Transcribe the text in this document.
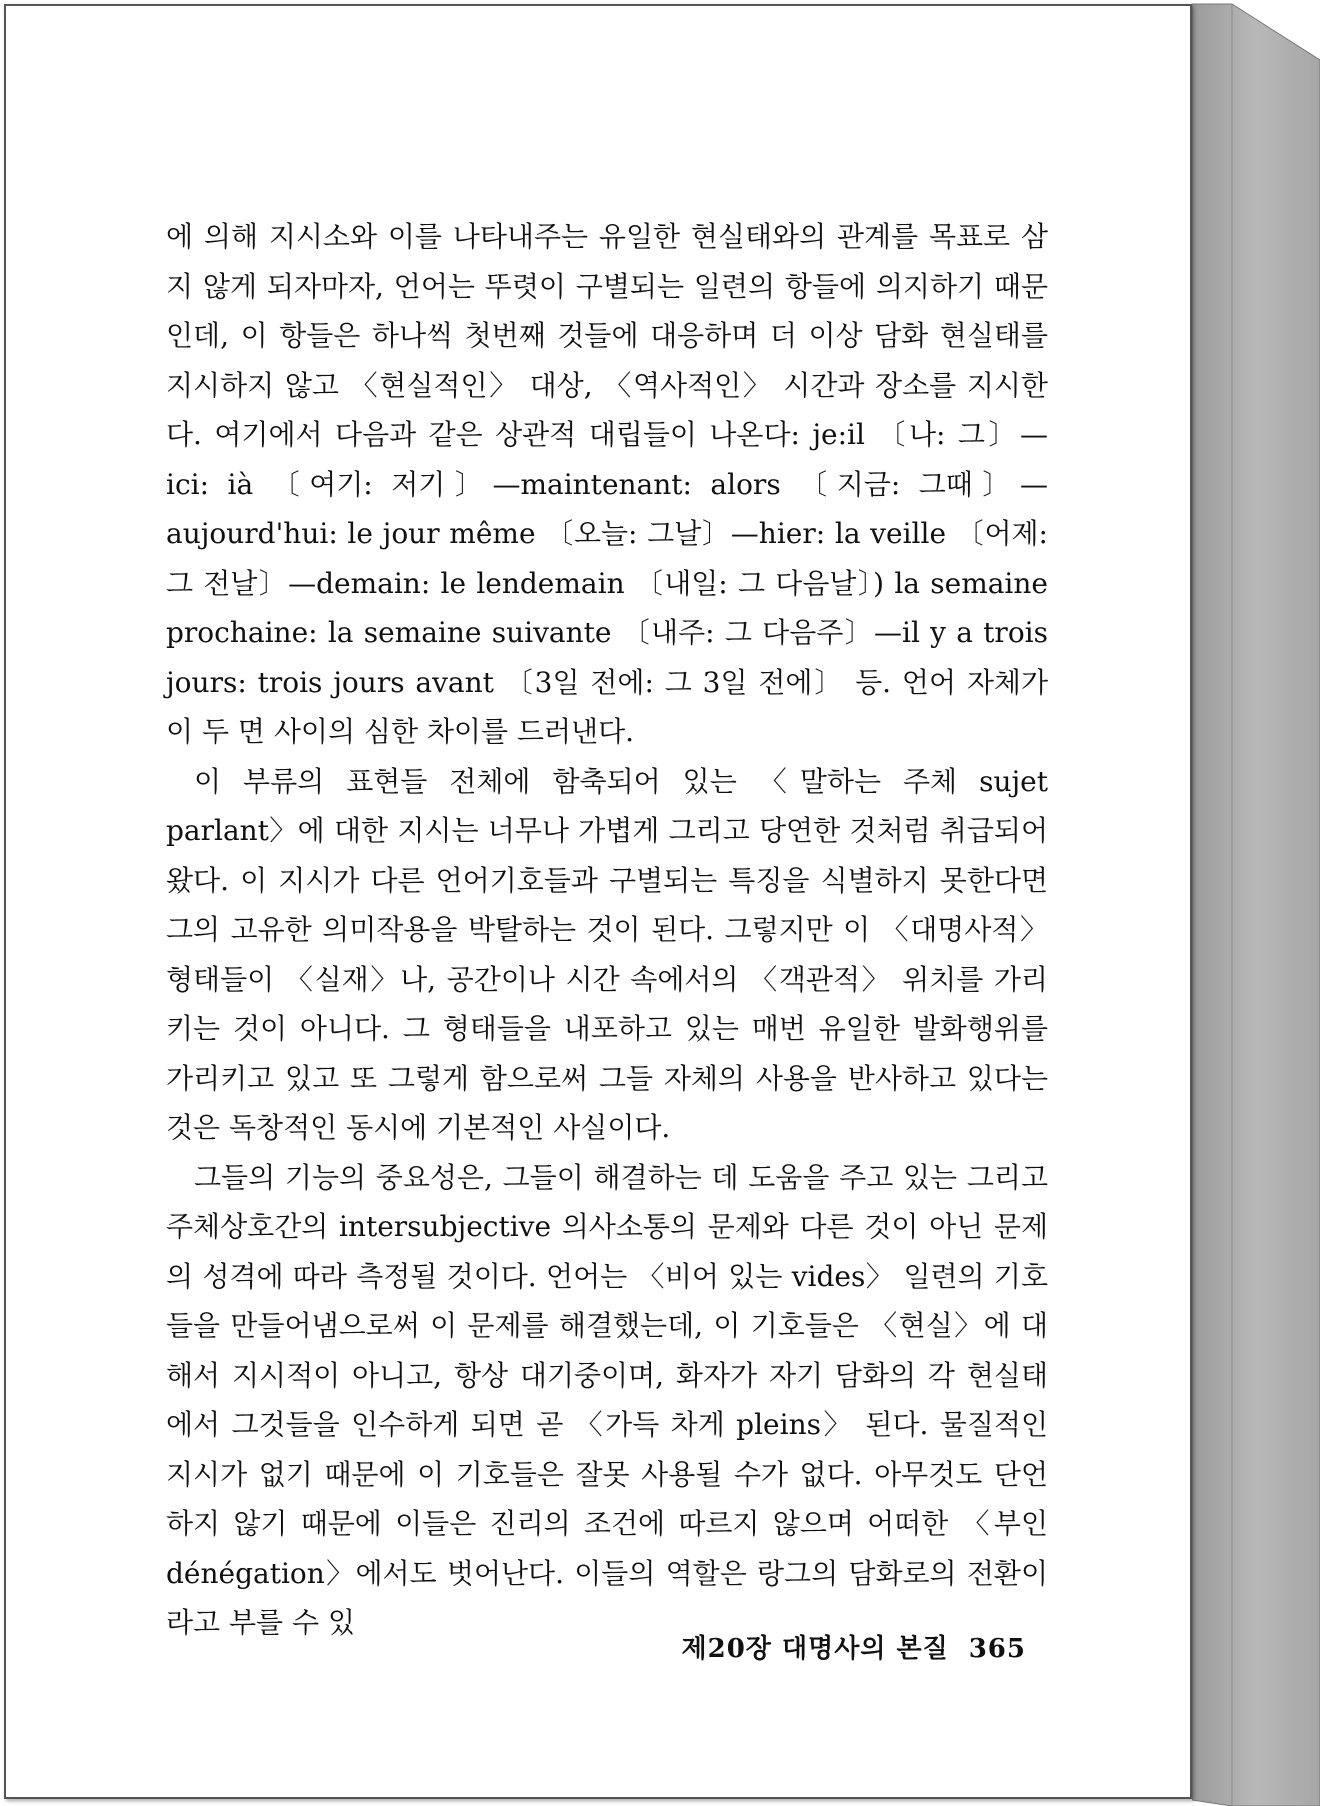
에 의해 지시소와 이를 나타내주는 유일한 현실태와의 관계를 목표로 삼지 않게 되자마자, 언어는 뚜렷이 구별되는 일련의 항들에 의지하기 때문인데, 이 항들은 하나씩 첫번째 것들에 대응하며 더 이상 담화 현실태를 지시하지 않고 〈현실적인〉 대상, 〈역사적인〉 시간과 장소를 지시한다. 여기에서 다음과 같은 상관적 대립들이 나온다: je:il 〔나: 그〕—ici: ià 〔여기: 저기〕—maintenant: alors 〔지금: 그때〕—aujourd'hui: le jour même 〔오늘: 그날〕—hier: la veille 〔어제: 그 전날〕—demain: le lendemain 〔내일: 그 다음날〕) la semaine prochaine: la semaine suivante 〔내주: 그 다음주〕—il y a trois jours: trois jours avant 〔3일 전에: 그 3일 전에〕 등. 언어 자체가 이 두 면 사이의 심한 차이를 드러낸다.

이 부류의 표현들 전체에 함축되어 있는 〈말하는 주체 sujet parlant〉에 대한 지시는 너무나 가볍게 그리고 당연한 것처럼 취급되어 왔다. 이 지시가 다른 언어기호들과 구별되는 특징을 식별하지 못한다면 그의 고유한 의미작용을 박탈하는 것이 된다. 그렇지만 이 〈대명사적〉 형태들이 〈실재〉나, 공간이나 시간 속에서의 〈객관적〉 위치를 가리키는 것이 아니다. 그 형태들을 내포하고 있는 매번 유일한 발화행위를 가리키고 있고 또 그렇게 함으로써 그들 자체의 사용을 반사하고 있다는 것은 독창적인 동시에 기본적인 사실이다.

그들의 기능의 중요성은, 그들이 해결하는 데 도움을 주고 있는 그리고 주체상호간의 intersubjective 의사소통의 문제와 다른 것이 아닌 문제의 성격에 따라 측정될 것이다. 언어는 〈비어 있는 vides〉 일련의 기호들을 만들어냄으로써 이 문제를 해결했는데, 이 기호들은 〈현실〉에 대해서 지시적이 아니고, 항상 대기중이며, 화자가 자기 담화의 각 현실태에서 그것들을 인수하게 되면 곧 〈가득 차게 pleins〉 된다. 물질적인 지시가 없기 때문에 이 기호들은 잘못 사용될 수가 없다. 아무것도 단언하지 않기 때문에 이들은 진리의 조건에 따르지 않으며 어떠한 〈부인 dénégation〉에서도 벗어난다. 이들의 역할은 랑그의 담화로의 전환이라고 부를 수 있

제20장 대명사의 본질 365
